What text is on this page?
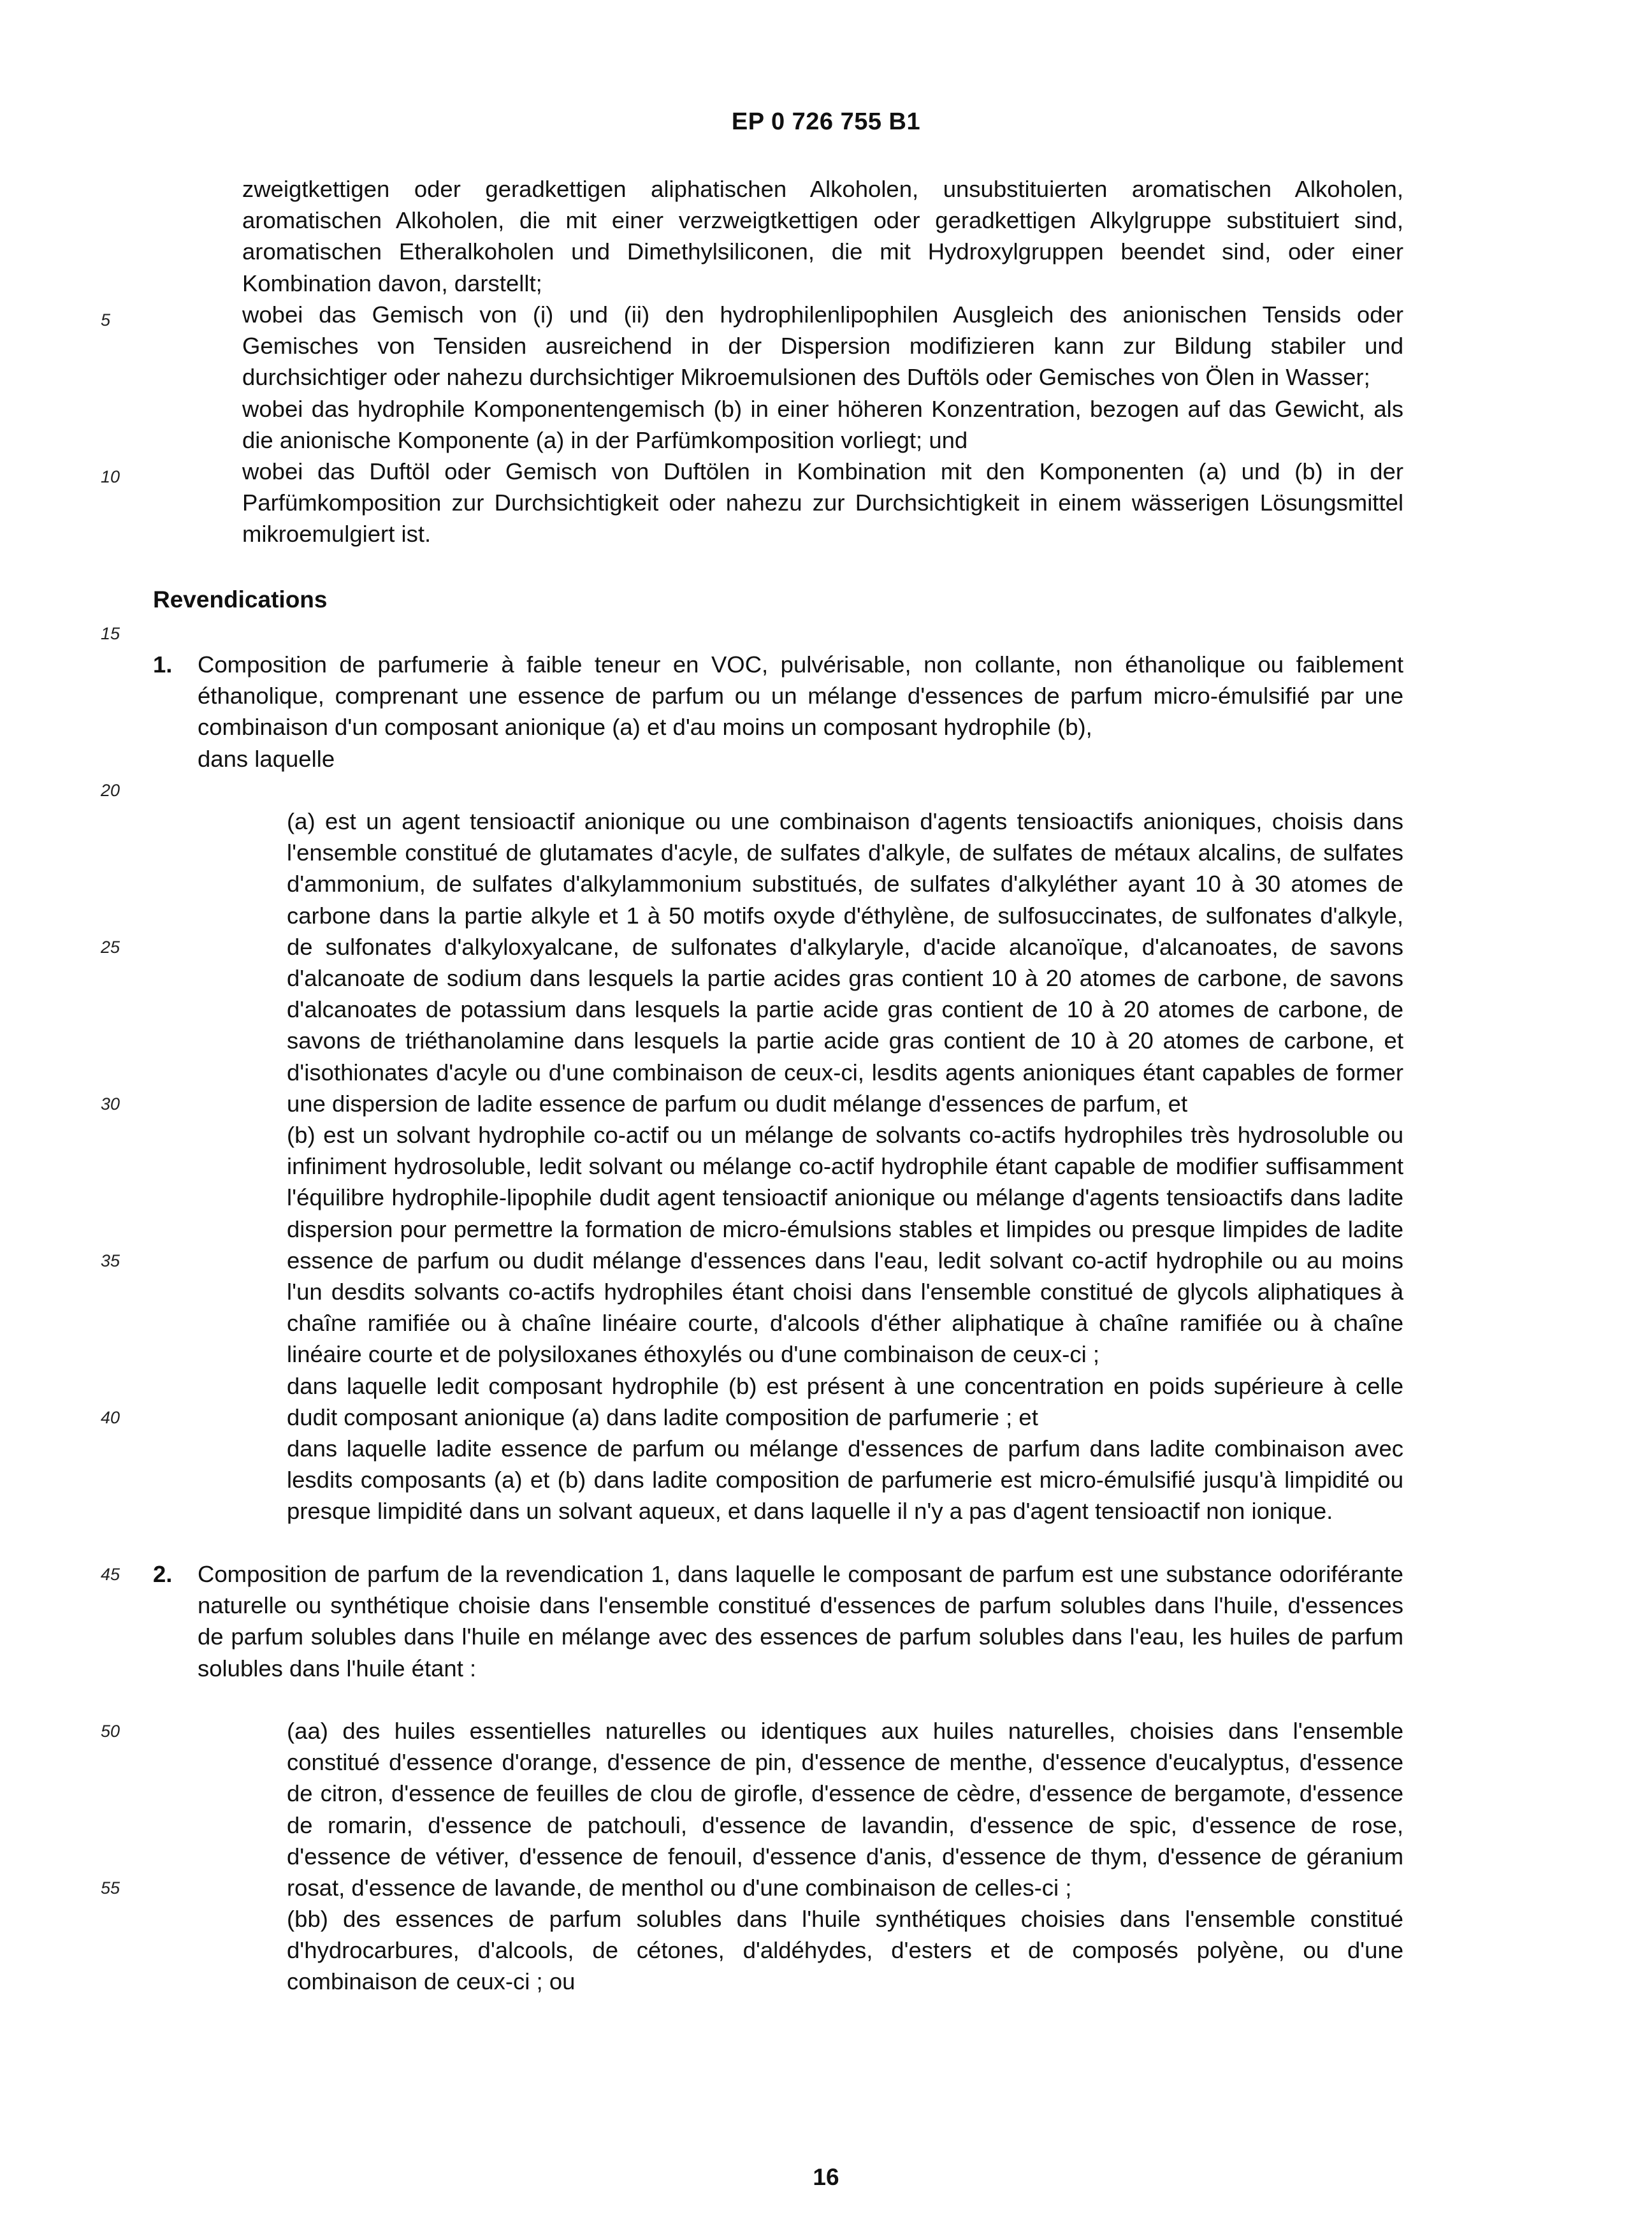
EP 0 726 755 B1
5
10
15
20
25
30
35
40
45
50
55
zweigtkettigen oder geradkettigen aliphatischen Alkoholen, unsubstituierten aromatischen Alkoholen, aromatischen Alkoholen, die mit einer verzweigtkettigen oder geradkettigen Alkylgruppe substituiert sind, aromatischen Etheralkoholen und Dimethylsiliconen, die mit Hydroxylgruppen beendet sind, oder einer Kombination davon, darstellt;
wobei das Gemisch von (i) und (ii) den hydrophilenlipophilen Ausgleich des anionischen Tensids oder Gemisches von Tensiden ausreichend in der Dispersion modifizieren kann zur Bildung stabiler und durchsichtiger oder nahezu durchsichtiger Mikroemulsionen des Duftöls oder Gemisches von Ölen in Wasser;
wobei das hydrophile Komponentengemisch (b) in einer höheren Konzentration, bezogen auf das Gewicht, als die anionische Komponente (a) in der Parfümkomposition vorliegt; und
wobei das Duftöl oder Gemisch von Duftölen in Kombination mit den Komponenten (a) und (b) in der Parfümkomposition zur Durchsichtigkeit oder nahezu zur Durchsichtigkeit in einem wässerigen Lösungsmittel mikroemulgiert ist.
Revendications
1. Composition de parfumerie à faible teneur en VOC, pulvérisable, non collante, non éthanolique ou faiblement éthanolique, comprenant une essence de parfum ou un mélange d'essences de parfum micro-émulsifié par une combinaison d'un composant anionique (a) et d'au moins un composant hydrophile (b),
dans laquelle
(a) est un agent tensioactif anionique ou une combinaison d'agents tensioactifs anioniques, choisis dans l'ensemble constitué de glutamates d'acyle, de sulfates d'alkyle, de sulfates de métaux alcalins, de sulfates d'ammonium, de sulfates d'alkylammonium substitués, de sulfates d'alkyléther ayant 10 à 30 atomes de carbone dans la partie alkyle et 1 à 50 motifs oxyde d'éthylène, de sulfosuccinates, de sulfonates d'alkyle, de sulfonates d'alkyloxyalcane, de sulfonates d'alkylaryle, d'acide alcanoïque, d'alcanoates, de savons d'alcanoate de sodium dans lesquels la partie acides gras contient 10 à 20 atomes de carbone, de savons d'alcanoates de potassium dans lesquels la partie acide gras contient de 10 à 20 atomes de carbone, de savons de triéthanolamine dans lesquels la partie acide gras contient de 10 à 20 atomes de carbone, et d'isothionates d'acyle ou d'une combinaison de ceux-ci, lesdits agents anioniques étant capables de former une dispersion de ladite essence de parfum ou dudit mélange d'essences de parfum, et
(b) est un solvant hydrophile co-actif ou un mélange de solvants co-actifs hydrophiles très hydrosoluble ou infiniment hydrosoluble, ledit solvant ou mélange co-actif hydrophile étant capable de modifier suffisamment l'équilibre hydrophile-lipophile dudit agent tensioactif anionique ou mélange d'agents tensioactifs dans ladite dispersion pour permettre la formation de micro-émulsions stables et limpides ou presque limpides de ladite essence de parfum ou dudit mélange d'essences dans l'eau, ledit solvant co-actif hydrophile ou au moins l'un desdits solvants co-actifs hydrophiles étant choisi dans l'ensemble constitué de glycols aliphatiques à chaîne ramifiée ou à chaîne linéaire courte, d'alcools d'éther aliphatique à chaîne ramifiée ou à chaîne linéaire courte et de polysiloxanes éthoxylés ou d'une combinaison de ceux-ci ;
dans laquelle ledit composant hydrophile (b) est présent à une concentration en poids supérieure à celle dudit composant anionique (a) dans ladite composition de parfumerie ; et
dans laquelle ladite essence de parfum ou mélange d'essences de parfum dans ladite combinaison avec lesdits composants (a) et (b) dans ladite composition de parfumerie est micro-émulsifié jusqu'à limpidité ou presque limpidité dans un solvant aqueux, et dans laquelle il n'y a pas d'agent tensioactif non ionique.
2. Composition de parfum de la revendication 1, dans laquelle le composant de parfum est une substance odoriférante naturelle ou synthétique choisie dans l'ensemble constitué d'essences de parfum solubles dans l'huile, d'essences de parfum solubles dans l'huile en mélange avec des essences de parfum solubles dans l'eau, les huiles de parfum solubles dans l'huile étant :
(aa) des huiles essentielles naturelles ou identiques aux huiles naturelles, choisies dans l'ensemble constitué d'essence d'orange, d'essence de pin, d'essence de menthe, d'essence d'eucalyptus, d'essence de citron, d'essence de feuilles de clou de girofle, d'essence de cèdre, d'essence de bergamote, d'essence de romarin, d'essence de patchouli, d'essence de lavandin, d'essence de spic, d'essence de rose, d'essence de vétiver, d'essence de fenouil, d'essence d'anis, d'essence de thym, d'essence de géranium rosat, d'essence de lavande, de menthol ou d'une combinaison de celles-ci ;
(bb) des essences de parfum solubles dans l'huile synthétiques choisies dans l'ensemble constitué d'hydrocarbures, d'alcools, de cétones, d'aldéhydes, d'esters et de composés polyène, ou d'une combinaison de ceux-ci ; ou
16
